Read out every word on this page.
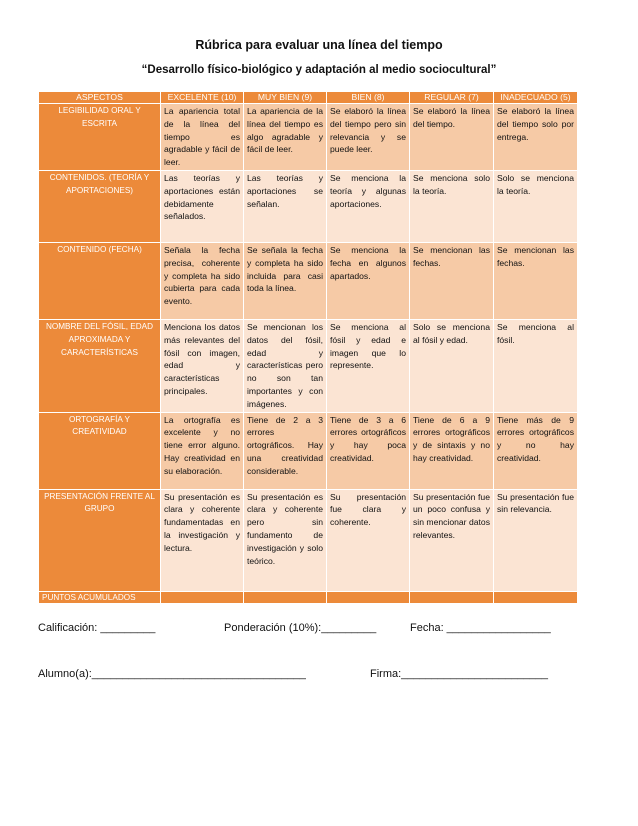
Rúbrica para evaluar una línea del tiempo
“Desarrollo físico-biológico y adaptación al medio sociocultural”
ASPECTOS	EXCELENTE (10)	MUY BIEN (9)	BIEN (8)	REGULAR (7)	INADECUADO (5)
LEGIBILIDAD ORAL Y ESCRITA	La apariencia total de la línea del tiempo es agradable y fácil de leer.	La apariencia de la línea del tiempo es algo agradable y fácil de leer.	Se elaboró la línea del tiempo pero sin relevancia y se puede leer.	Se elaboró la línea del tiempo.	Se elaboró la línea del tiempo solo por entrega.
CONTENIDOS. (TEORÍA Y APORTACIONES)	Las teorías y aportaciones están debidamente señalados.	Las teorías y aportaciones se señalan.	Se menciona la teoría y algunas aportaciones.	Se menciona solo la teoría.	Solo se menciona la teoría.
CONTENIDO (FECHA)	Señala la fecha precisa, coherente y completa ha sido cubierta para cada evento.	Se señala la fecha y completa ha sido incluida para casi toda la línea.	Se menciona la fecha en algunos apartados.	Se mencionan las fechas.	Se mencionan las fechas.
NOMBRE DEL FÓSIL, EDAD APROXIMADA Y CARACTERÍSTICAS	Menciona los datos más relevantes del fósil con imagen, edad y características principales.	Se mencionan los datos del fósil, edad y características pero no son tan importantes y con imágenes.	Se menciona al fósil y edad e imagen que lo represente.	Solo se menciona al fósil y edad.	Se menciona al fósil.
ORTOGRAFÍA Y CREATIVIDAD	La ortografía es excelente y no tiene error alguno. Hay creatividad en su elaboración.	Tiene de 2 a 3 errores ortográficos. Hay una creatividad considerable.	Tiene de 3 a 6 errores ortográficos y hay poca creatividad.	Tiene de 6 a 9 errores ortográficos y de sintaxis y no hay creatividad.	Tiene más de 9 errores ortográficos y no hay creatividad.
PRESENTACIÓN FRENTE AL GRUPO	Su presentación es clara y coherente fundamentadas en la investigación y lectura.	Su presentación es clara y coherente pero sin fundamento de investigación y solo teórico.	Su presentación fue clara y coherente.	Su presentación fue un poco confusa y sin mencionar datos relevantes.	Su presentación fue sin relevancia.
PUNTOS ACUMULADOS					
Calificación: _________	Ponderación (10%):_________	Fecha: _________________
Alumno(a):___________________________________	Firma:________________________
